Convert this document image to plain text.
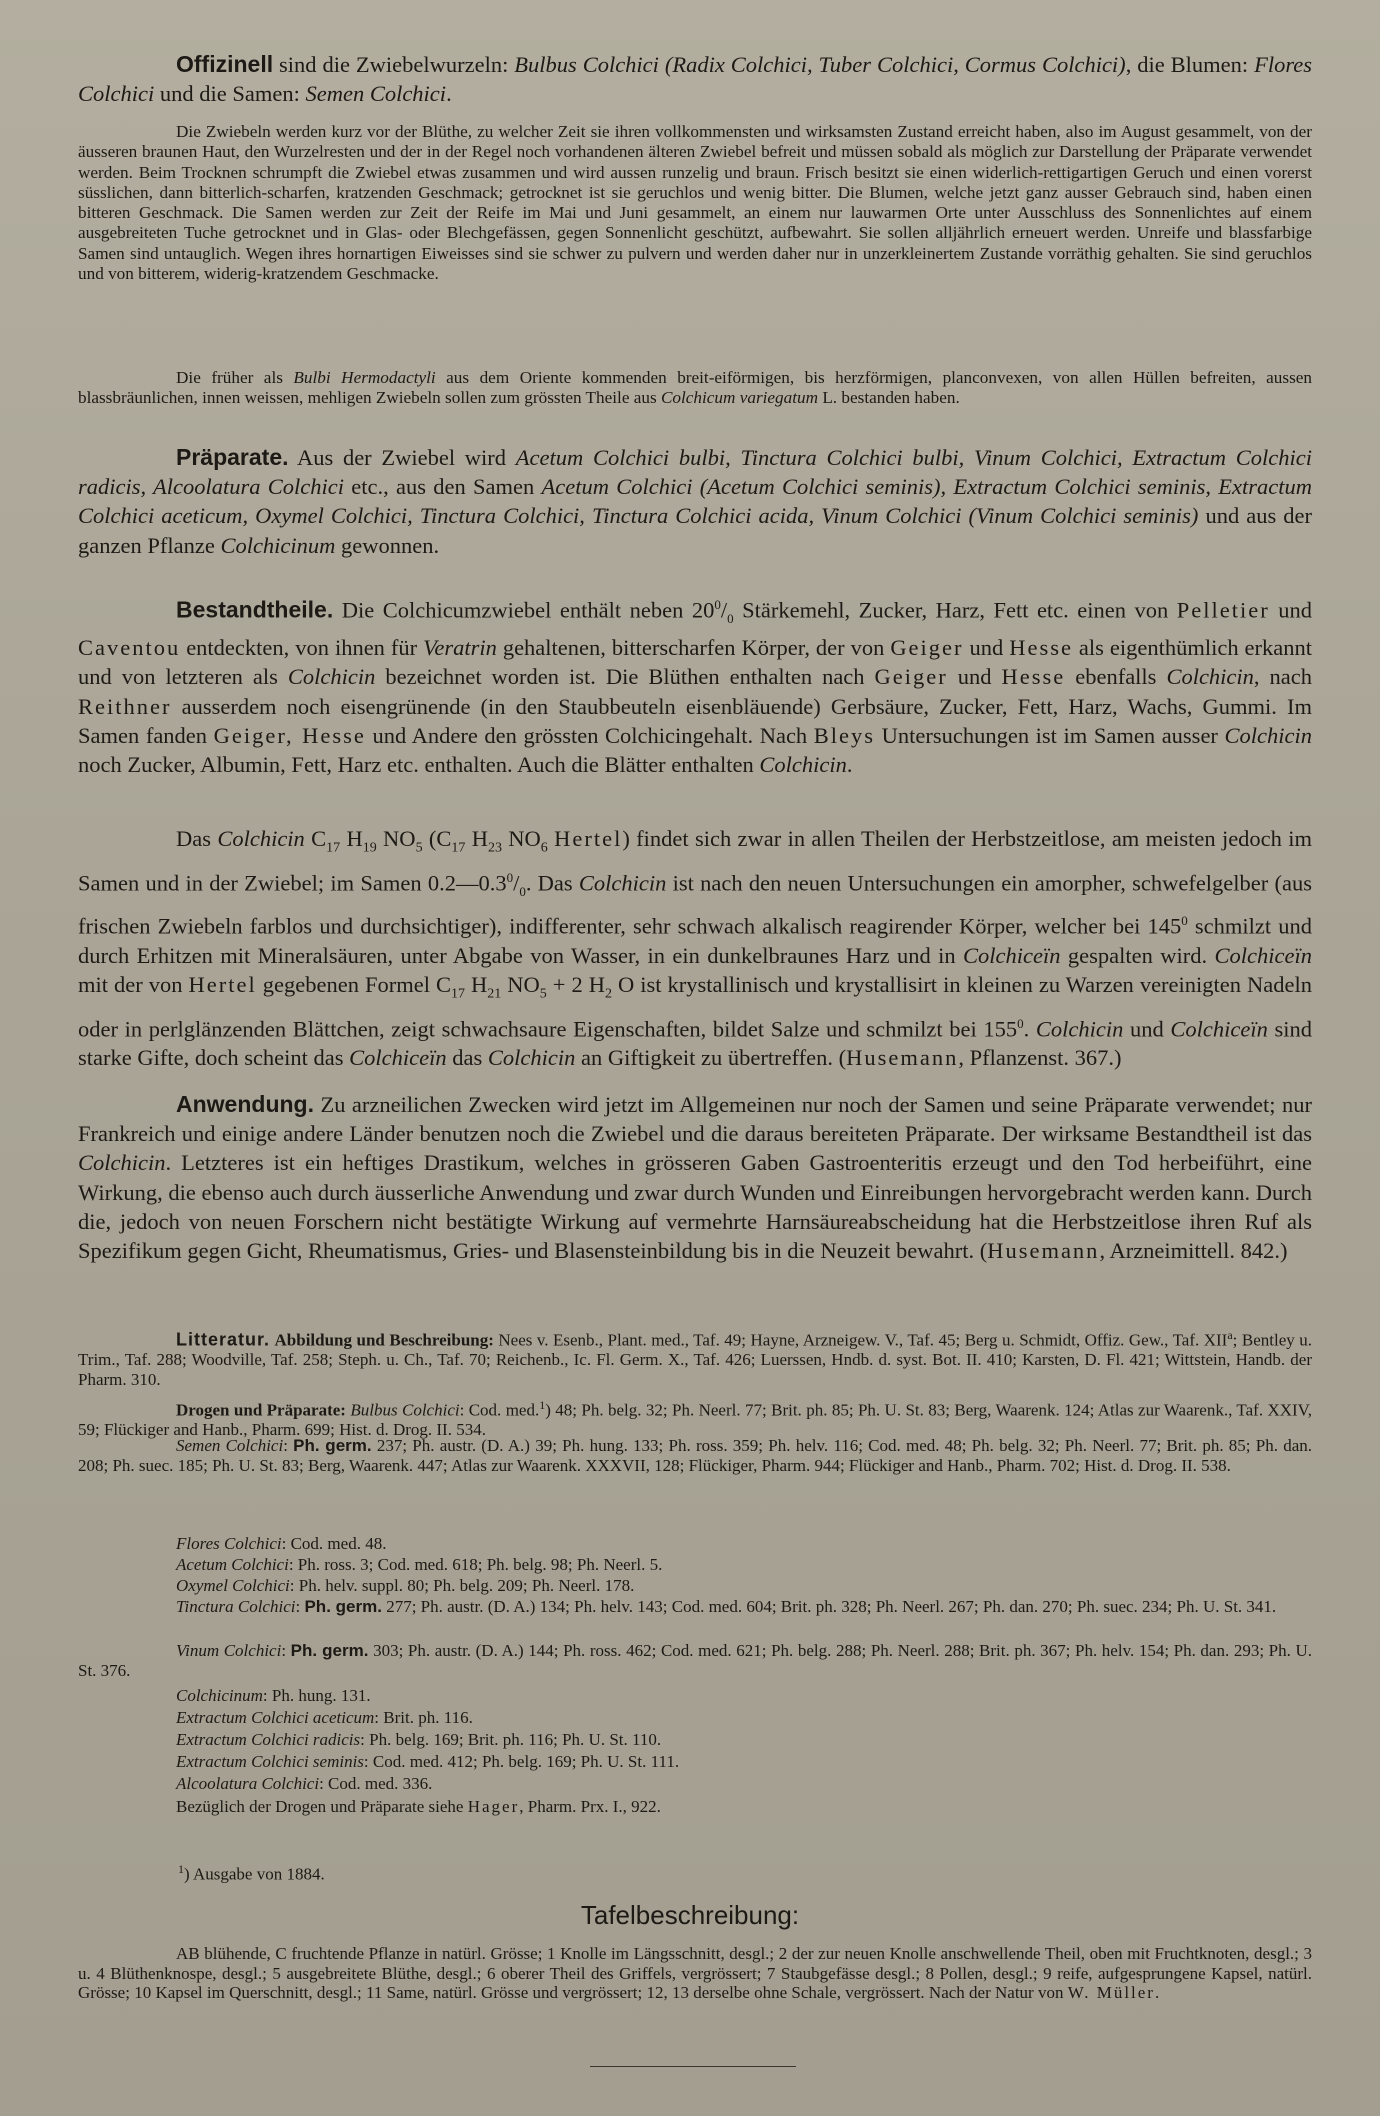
Offizinell sind die Zwiebelwurzeln: Bulbus Colchici (Radix Colchici, Tuber Colchici, Cormus Colchici), die Blumen: Flores Colchici und die Samen: Semen Colchici.

Die Zwiebeln werden kurz vor der Blüthe, zu welcher Zeit sie ihren vollkommensten und wirksamsten Zustand erreicht haben, also im August gesammelt, von der äusseren braunen Haut, den Wurzelresten und der in der Regel noch vorhandenen älteren Zwiebel befreit und müssen sobald als möglich zur Darstellung der Präparate verwendet werden. Beim Trocknen schrumpft die Zwiebel etwas zusammen und wird aussen runzelig und braun. Frisch besitzt sie einen widerlich-rettigartigen Geruch und einen vorerst süsslichen, dann bitterlich-scharfen, kratzenden Geschmack; getrocknet ist sie geruchlos und wenig bitter. Die Blumen, welche jetzt ganz ausser Gebrauch sind, haben einen bitteren Geschmack. Die Samen werden zur Zeit der Reife im Mai und Juni gesammelt, an einem nur lauwarmen Orte unter Ausschluss des Sonnenlichtes auf einem ausgebreiteten Tuche getrocknet und in Glas- oder Blechgefässen, gegen Sonnenlicht geschützt, aufbewahrt. Sie sollen alljährlich erneuert werden. Unreife und blassfarbige Samen sind untauglich. Wegen ihres hornartigen Eiweisses sind sie schwer zu pulvern und werden daher nur in unzerkleinertem Zustande vorräthig gehalten. Sie sind geruchlos und von bitterem, widerig-kratzendem Geschmacke.

Die früher als Bulbi Hermodactyli aus dem Oriente kommenden breit-eiförmigen, bis herzförmigen, planconvexen, von allen Hüllen befreiten, aussen blassbräunlichen, innen weissen, mehligen Zwiebeln sollen zum grössten Theile aus Colchicum variegatum L. bestanden haben.

Präparate. Aus der Zwiebel wird Acetum Colchici bulbi, Tinctura Colchici bulbi, Vinum Colchici, Extractum Colchici radicis, Alcoolatura Colchici etc., aus den Samen Acetum Colchici (Acetum Colchici seminis), Extractum Colchici seminis, Extractum Colchici aceticum, Oxymel Colchici, Tinctura Colchici, Tinctura Colchici acida, Vinum Colchici (Vinum Colchici seminis) und aus der ganzen Pflanze Colchicinum gewonnen.

Bestandtheile. Die Colchicumzwiebel enthält neben $20^0/_0$ Stärkemehl, Zucker, Harz, Fett etc. einen von Pelletier und Caventou entdeckten, von ihnen für Veratrin gehaltenen, bitterscharfen Körper, der von Geiger und Hesse als eigenthümlich erkannt und von letzteren als Colchicin bezeichnet worden ist. Die Blüthen enthalten nach Geiger und Hesse ebenfalls Colchicin, nach Reithner ausserdem noch eisengrünende (in den Staubbeuteln eisenbläuende) Gerbsäure, Zucker, Fett, Harz, Wachs, Gummi. Im Samen fanden Geiger, Hesse und Andere den grössten Colchicingehalt. Nach Bleys Untersuchungen ist im Samen ausser Colchicin noch Zucker, Albumin, Fett, Harz etc. enthalten. Auch die Blätter enthalten Colchicin.

Das Colchicin $C_{17}$ $H_{19}$ $NO_5$ ($C_{17}$ $H_{23}$ $NO_6$ Hertel) findet sich zwar in allen Theilen der Herbstzeitlose, am meisten jedoch im Samen und in der Zwiebel; im Samen $0.2—0.3^0/_0$. Das Colchicin ist nach den neuen Untersuchungen ein amorpher, schwefelgelber (aus frischen Zwiebeln farblos und durchsichtiger), indifferenter, sehr schwach alkalisch reagirender Körper, welcher bei $145^0$ schmilzt und durch Erhitzen mit Mineralsäuren, unter Abgabe von Wasser, in ein dunkelbraunes Harz und in Colchiceïn gespalten wird. Colchiceïn mit der von Hertel gegebenen Formel $C_{17}$ $H_{21}$ $NO_5 + 2$ $H_2$ O ist krystallinisch und krystallisirt in kleinen zu Warzen vereinigten Nadeln oder in perlglänzenden Blättchen, zeigt schwachsaure Eigenschaften, bildet Salze und schmilzt bei $155^0$. Colchicin und Colchiceïn sind starke Gifte, doch scheint das Colchiceïn das Colchicin an Giftigkeit zu übertreffen. (Husemann, Pflanzenst. 367.)

Anwendung. Zu arzneilichen Zwecken wird jetzt im Allgemeinen nur noch der Samen und seine Präparate verwendet; nur Frankreich und einige andere Länder benutzen noch die Zwiebel und die daraus bereiteten Präparate. Der wirksame Bestandtheil ist das Colchicin. Letzteres ist ein heftiges Drastikum, welches in grösseren Gaben Gastroenteritis erzeugt und den Tod herbeiführt, eine Wirkung, die ebenso auch durch äusserliche Anwendung und zwar durch Wunden und Einreibungen hervorgebracht werden kann. Durch die, jedoch von neuen Forschern nicht bestätigte Wirkung auf vermehrte Harnsäureabscheidung hat die Herbstzeitlose ihren Ruf als Spezifikum gegen Gicht, Rheumatismus, Gries- und Blasensteinbildung bis in die Neuzeit bewahrt. (Husemann, Arzneimittell. 842.)

Litteratur. Abbildung und Beschreibung: Nees v. Esenb., Plant. med., Taf. 49; Hayne, Arzneigew. V., Taf. 45; Berg u. Schmidt, Offiz. Gew., Taf. XII$^a$; Bentley u. Trim., Taf. 288; Woodville, Taf. 258; Steph. u. Ch., Taf. 70; Reichenb., Ic. Fl. Germ. X., Taf. 426; Luerssen, Hndb. d. syst. Bot. II. 410; Karsten, D. Fl. 421; Wittstein, Handb. der Pharm. 310.

Drogen und Präparate: Bulbus Colchici: Cod. med.$^1$) 48; Ph. belg. 32; Ph. Neerl. 77; Brit. ph. 85; Ph. U. St. 83; Berg, Waarenk. 124; Atlas zur Waarenk., Taf. XXIV, 59; Flückiger and Hanb., Pharm. 699; Hist. d. Drog. II. 534.

Semen Colchici: Ph. germ. 237; Ph. austr. (D. A.) 39; Ph. hung. 133; Ph. ross. 359; Ph. helv. 116; Cod. med. 48; Ph. belg. 32; Ph. Neerl. 77; Brit. ph. 85; Ph. dan. 208; Ph. suec. 185; Ph. U. St. 83; Berg, Waarenk. 447; Atlas zur Waarenk. XXXVII, 128; Flückiger, Pharm. 944; Flückiger and Hanb., Pharm. 702; Hist. d. Drog. II. 538.

Flores Colchici: Cod. med. 48.

Acetum Colchici: Ph. ross. 3; Cod. med. 618; Ph. belg. 98; Ph. Neerl. 5.

Oxymel Colchici: Ph. helv. suppl. 80; Ph. belg. 209; Ph. Neerl. 178.

Tinctura Colchici: Ph. germ. 277; Ph. austr. (D. A.) 134; Ph. helv. 143; Cod. med. 604; Brit. ph. 328; Ph. Neerl. 267; Ph. dan. 270; Ph. suec. 234; Ph. U. St. 341.

Vinum Colchici: Ph. germ. 303; Ph. austr. (D. A.) 144; Ph. ross. 462; Cod. med. 621; Ph. belg. 288; Ph. Neerl. 288; Brit. ph. 367; Ph. helv. 154; Ph. dan. 293; Ph. U. St. 376.

Colchicinum: Ph. hung. 131.

Extractum Colchici aceticum: Brit. ph. 116.

Extractum Colchici radicis: Ph. belg. 169; Brit. ph. 116; Ph. U. St. 110.

Extractum Colchici seminis: Cod. med. 412; Ph. belg. 169; Ph. U. St. 111.

Alcoolatura Colchici: Cod. med. 336.

Bezüglich der Drogen und Präparate siehe Hager, Pharm. Prx. I., 922.

$^1$) Ausgabe von 1884.

Tafelbeschreibung:

AB blühende, C fruchtende Pflanze in natürl. Grösse; 1 Knolle im Längsschnitt, desgl.; 2 der zur neuen Knolle anschwellende Theil, oben mit Fruchtknoten, desgl.; 3 u. 4 Blüthenknospe, desgl.; 5 ausgebreitete Blüthe, desgl.; 6 oberer Theil des Griffels, vergrössert; 7 Staubgefässe desgl.; 8 Pollen, desgl.; 9 reife, aufgesprungene Kapsel, natürl. Grösse; 10 Kapsel im Querschnitt, desgl.; 11 Same, natürl. Grösse und vergrössert; 12, 13 derselbe ohne Schale, vergrössert. Nach der Natur von W. Müller.
